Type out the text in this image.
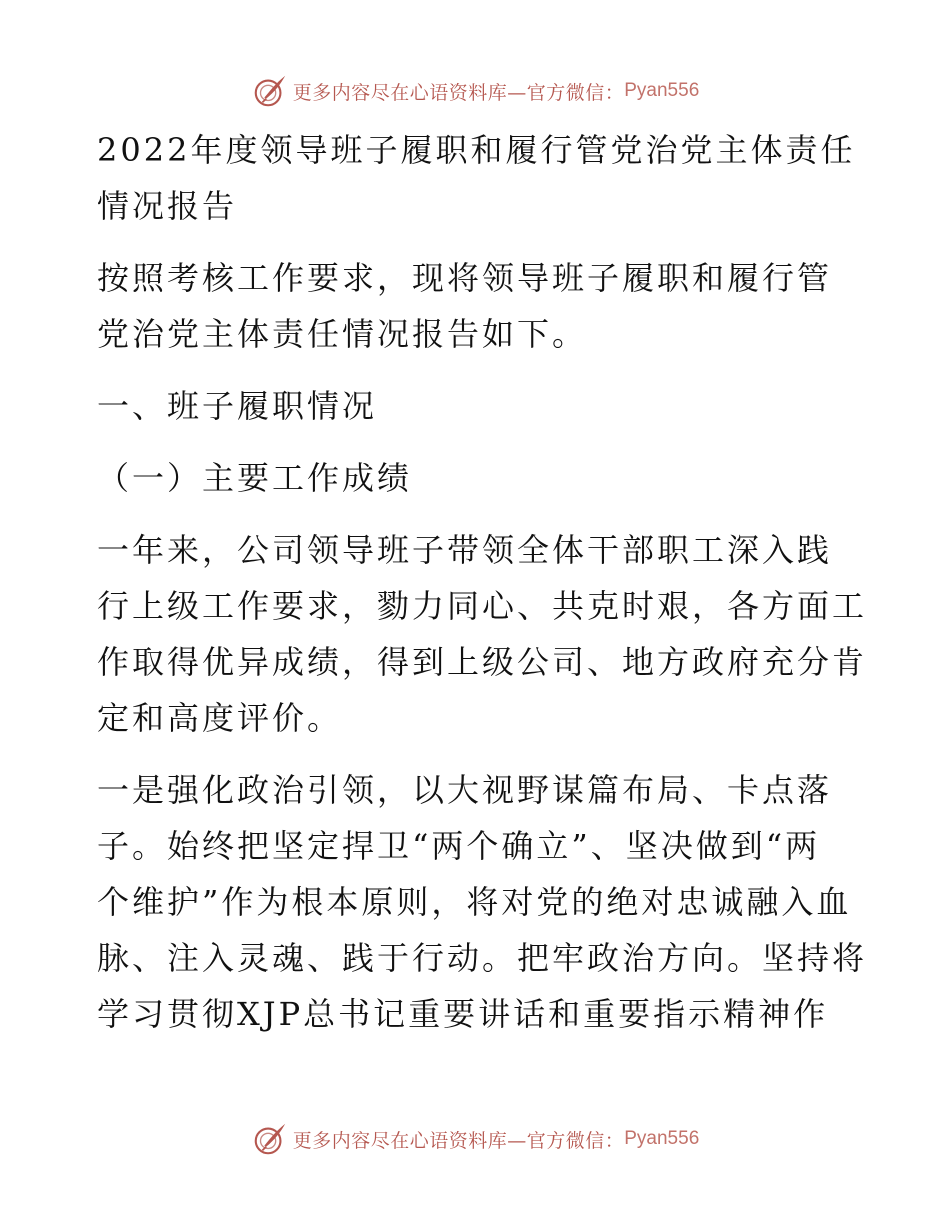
更多内容尽在心语资料库—官方微信： Pyan556
2022年度领导班子履职和履行管党治党主体责任
情况报告
按照考核工作要求，现将领导班子履职和履行管
党治党主体责任情况报告如下。
一、班子履职情况
（一）主要工作成绩
一年来，公司领导班子带领全体干部职工深入践
行上级工作要求，勠力同心、共克时艰，各方面工
作取得优异成绩，得到上级公司、地方政府充分肯
定和高度评价。
一是强化政治引领，以大视野谋篇布局、卡点落
子。始终把坚定捍卫“两个确立”、坚决做到“两
个维护”作为根本原则，将对党的绝对忠诚融入血
脉、注入灵魂、践于行动。把牢政治方向。坚持将
学习贯彻XJP总书记重要讲话和重要指示精神作
更多内容尽在心语资料库—官方微信： Pyan556
